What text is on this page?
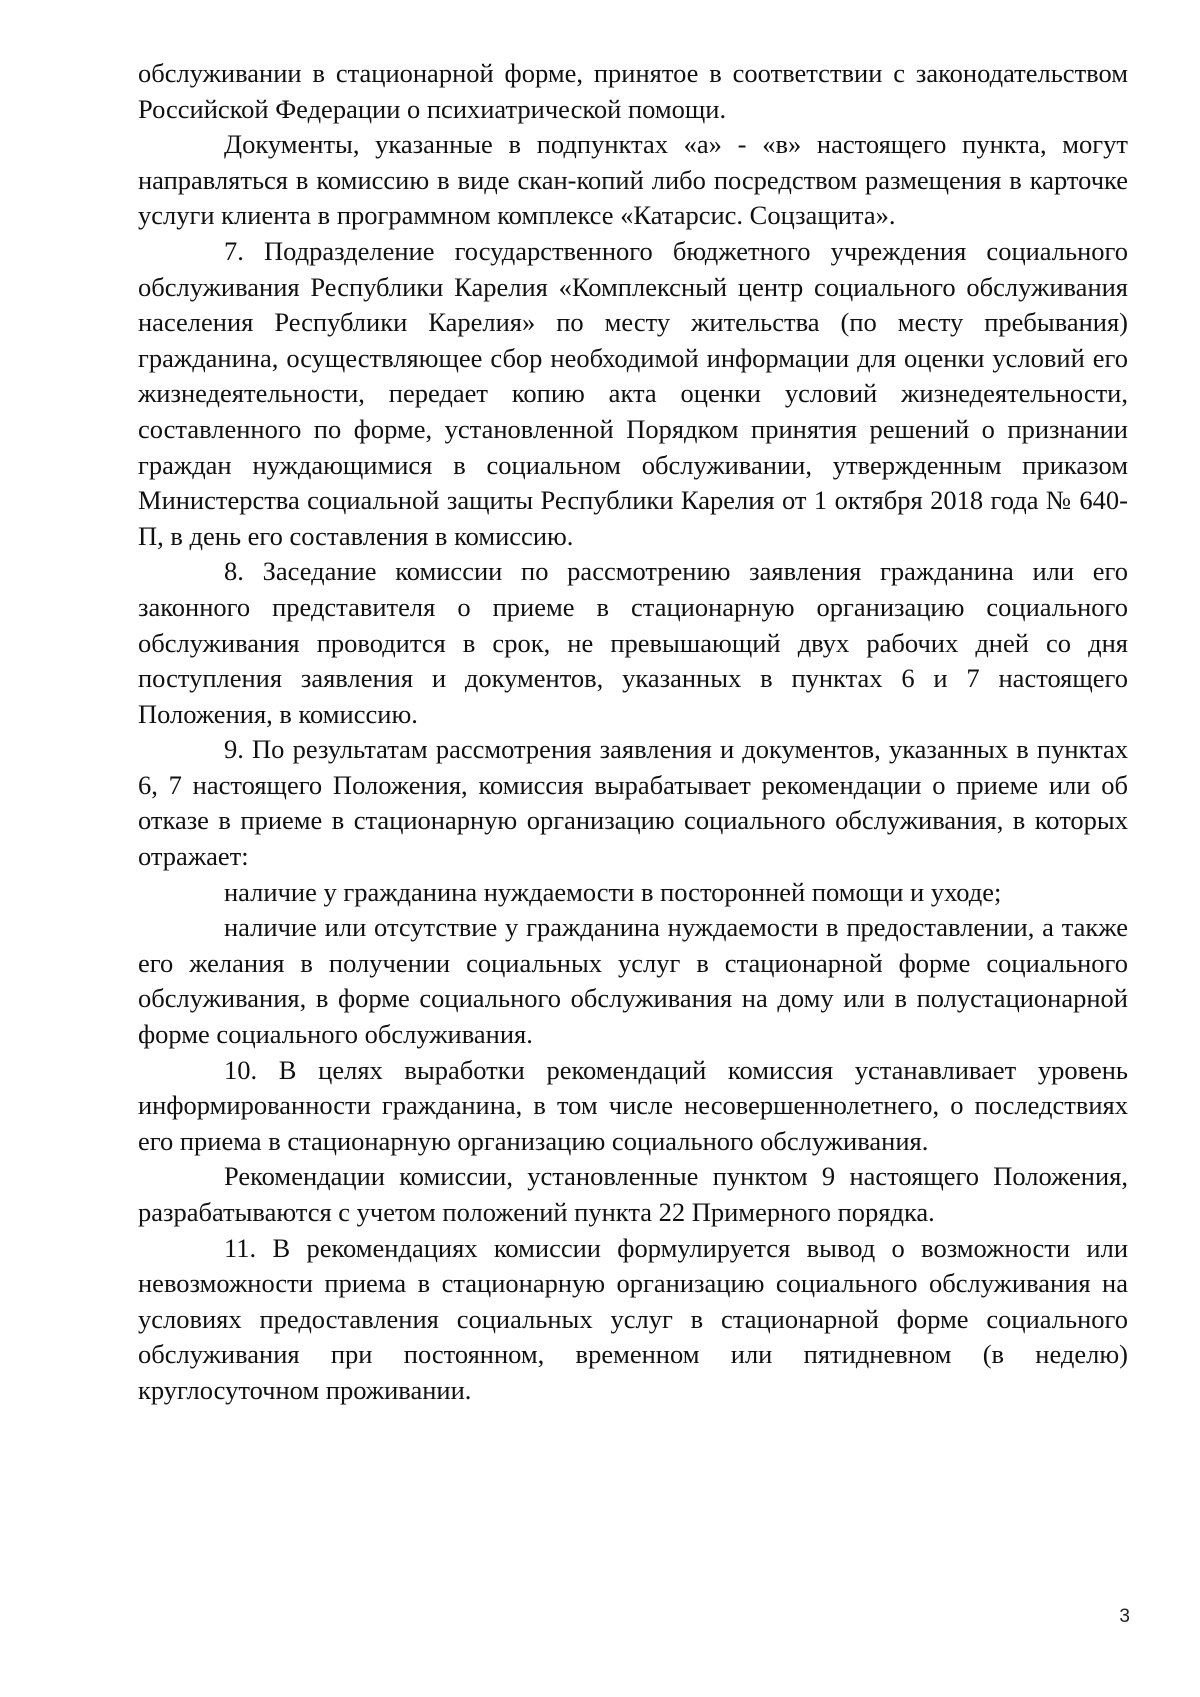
обслуживании в стационарной форме, принятое в соответствии с законодательством Российской Федерации о психиатрической помощи.

Документы, указанные в подпунктах «а» - «в» настоящего пункта, могут направляться в комиссию в виде скан-копий либо посредством размещения в карточке услуги клиента в программном комплексе «Катарсис. Соцзащита».

7. Подразделение государственного бюджетного учреждения социального обслуживания Республики Карелия «Комплексный центр социального обслуживания населения Республики Карелия» по месту жительства (по месту пребывания) гражданина, осуществляющее сбор необходимой информации для оценки условий его жизнедеятельности, передает копию акта оценки условий жизнедеятельности, составленного по форме, установленной Порядком принятия решений о признании граждан нуждающимися в социальном обслуживании, утвержденным приказом Министерства социальной защиты Республики Карелия от 1 октября 2018 года № 640-П, в день его составления в комиссию.

8. Заседание комиссии по рассмотрению заявления гражданина или его законного представителя о приеме в стационарную организацию социального обслуживания проводится в срок, не превышающий двух рабочих дней со дня поступления заявления и документов, указанных в пунктах 6 и 7 настоящего Положения, в комиссию.

9. По результатам рассмотрения заявления и документов, указанных в пунктах 6, 7 настоящего Положения, комиссия вырабатывает рекомендации о приеме или об отказе в приеме в стационарную организацию социального обслуживания, в которых отражает:

наличие у гражданина нуждаемости в посторонней помощи и уходе;

наличие или отсутствие у гражданина нуждаемости в предоставлении, а также его желания в получении социальных услуг в стационарной форме социального обслуживания, в форме социального обслуживания на дому или в полустационарной форме социального обслуживания.

10. В целях выработки рекомендаций комиссия устанавливает уровень информированности гражданина, в том числе несовершеннолетнего, о последствиях его приема в стационарную организацию социального обслуживания.

Рекомендации комиссии, установленные пунктом 9 настоящего Положения, разрабатываются с учетом положений пункта 22 Примерного порядка.

11. В рекомендациях комиссии формулируется вывод о возможности или невозможности приема в стационарную организацию социального обслуживания на условиях предоставления социальных услуг в стационарной форме социального обслуживания при постоянном, временном или пятидневном (в неделю) круглосуточном проживании.

3
